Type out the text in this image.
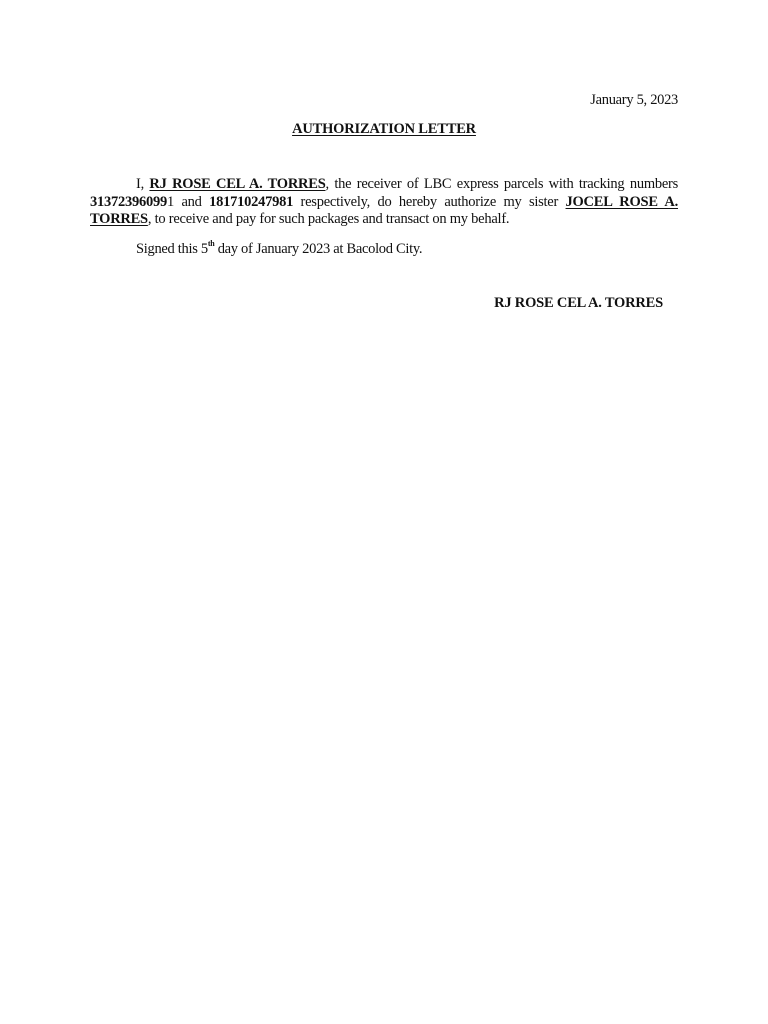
January 5, 2023
AUTHORIZATION LETTER
I, RJ ROSE CEL A. TORRES, the receiver of LBC express parcels with tracking numbers 313723960991 and 181710247981 respectively, do hereby authorize my sister JOCEL ROSE A. TORRES, to receive and pay for such packages and transact on my behalf.
Signed this 5th day of January 2023 at Bacolod City.
RJ ROSE CEL A. TORRES
